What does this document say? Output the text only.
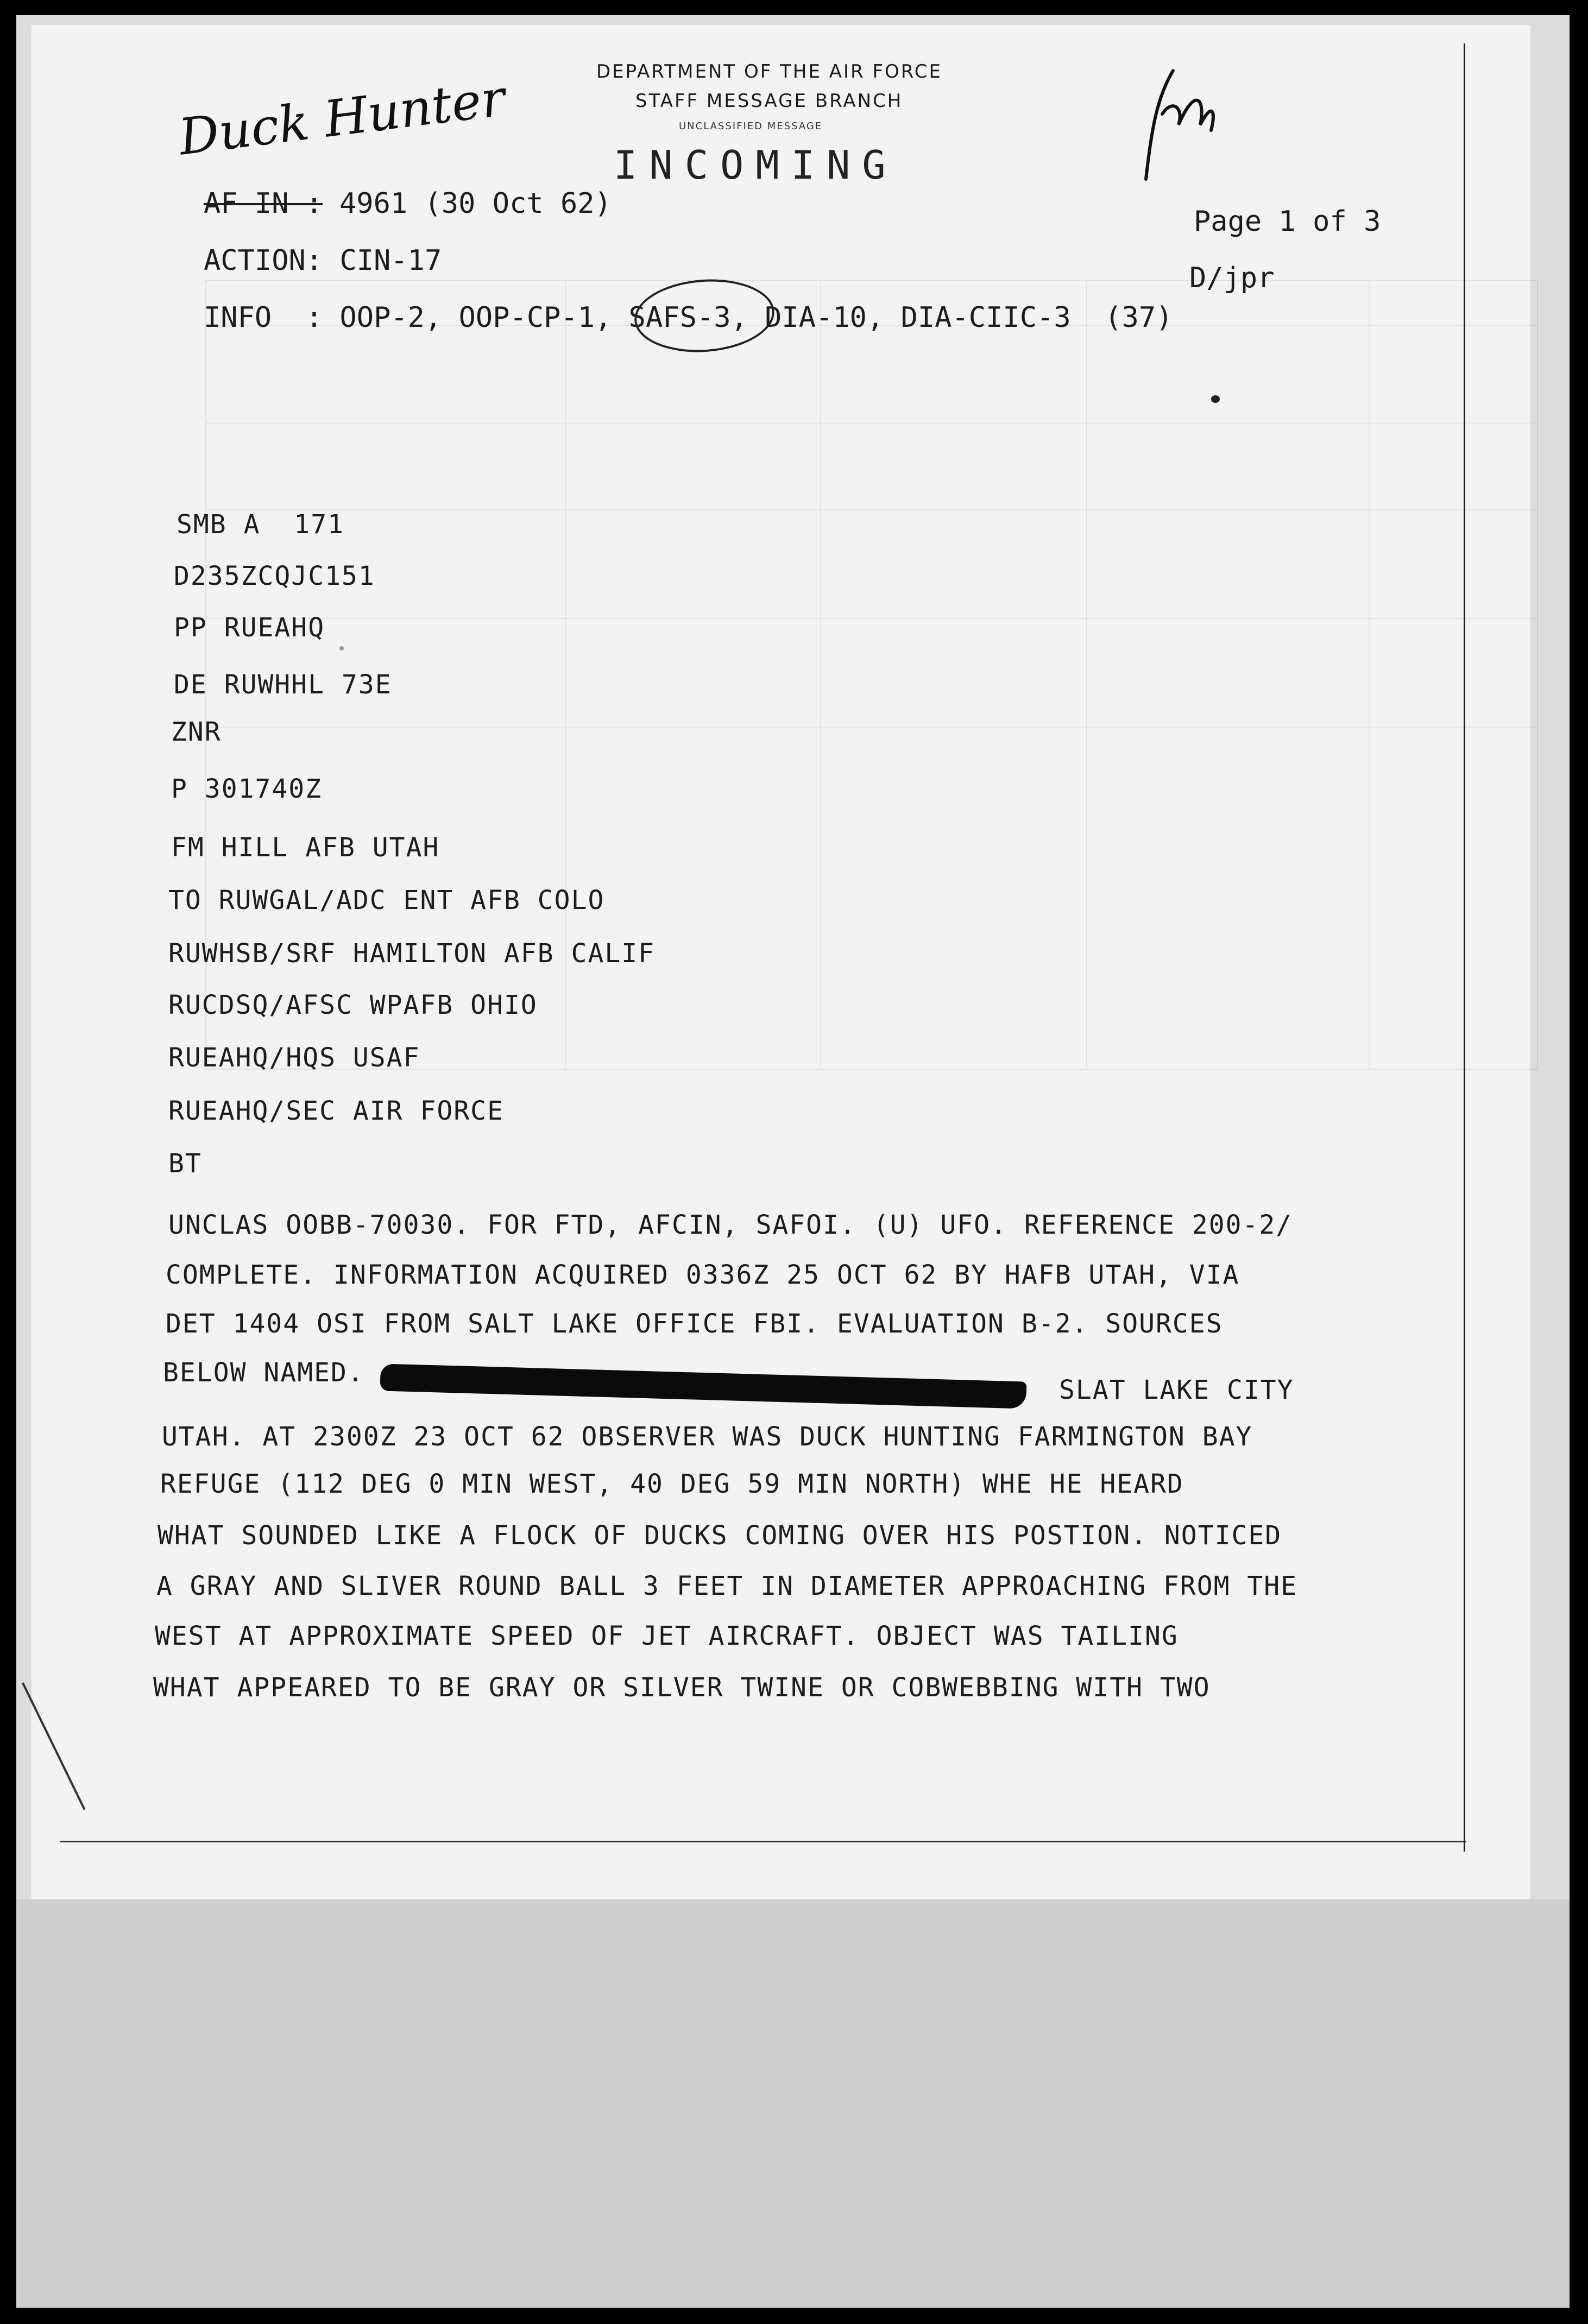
DEPARTMENT OF THE AIR FORCE
STAFF MESSAGE BRANCH
UNCLASSIFIED MESSAGE
INCOMING
Duck Hunter
AF IN : 4961 (30 Oct 62)
ACTION: CIN-17
INFO  : OOP-2, OOP-CP-1, SAFS-3, DIA-10, DIA-CIIC-3  (37)
Page 1 of 3
D/jpr
SMB A  171
D235ZCQJC151
PP RUEAHQ
DE RUWHHL 73E
ZNR
P 301740Z
FM HILL AFB UTAH
TO RUWGAL/ADC ENT AFB COLO
RUWHSB/SRF HAMILTON AFB CALIF
RUCDSQ/AFSC WPAFB OHIO
RUEAHQ/HQS USAF
RUEAHQ/SEC AIR FORCE
BT
UNCLAS OOBB-70030. FOR FTD, AFCIN, SAFOI. (U) UFO. REFERENCE 200-2/
COMPLETE. INFORMATION ACQUIRED 0336Z 25 OCT 62 BY HAFB UTAH, VIA
DET 1404 OSI FROM SALT LAKE OFFICE FBI. EVALUATION B-2. SOURCES
BELOW NAMED.
SLAT LAKE CITY
UTAH. AT 2300Z 23 OCT 62 OBSERVER WAS DUCK HUNTING FARMINGTON BAY
REFUGE (112 DEG 0 MIN WEST, 40 DEG 59 MIN NORTH) WHE HE HEARD
WHAT SOUNDED LIKE A FLOCK OF DUCKS COMING OVER HIS POSTION. NOTICED
A GRAY AND SLIVER ROUND BALL 3 FEET IN DIAMETER APPROACHING FROM THE
WEST AT APPROXIMATE SPEED OF JET AIRCRAFT. OBJECT WAS TAILING
WHAT APPEARED TO BE GRAY OR SILVER TWINE OR COBWEBBING WITH TWO
